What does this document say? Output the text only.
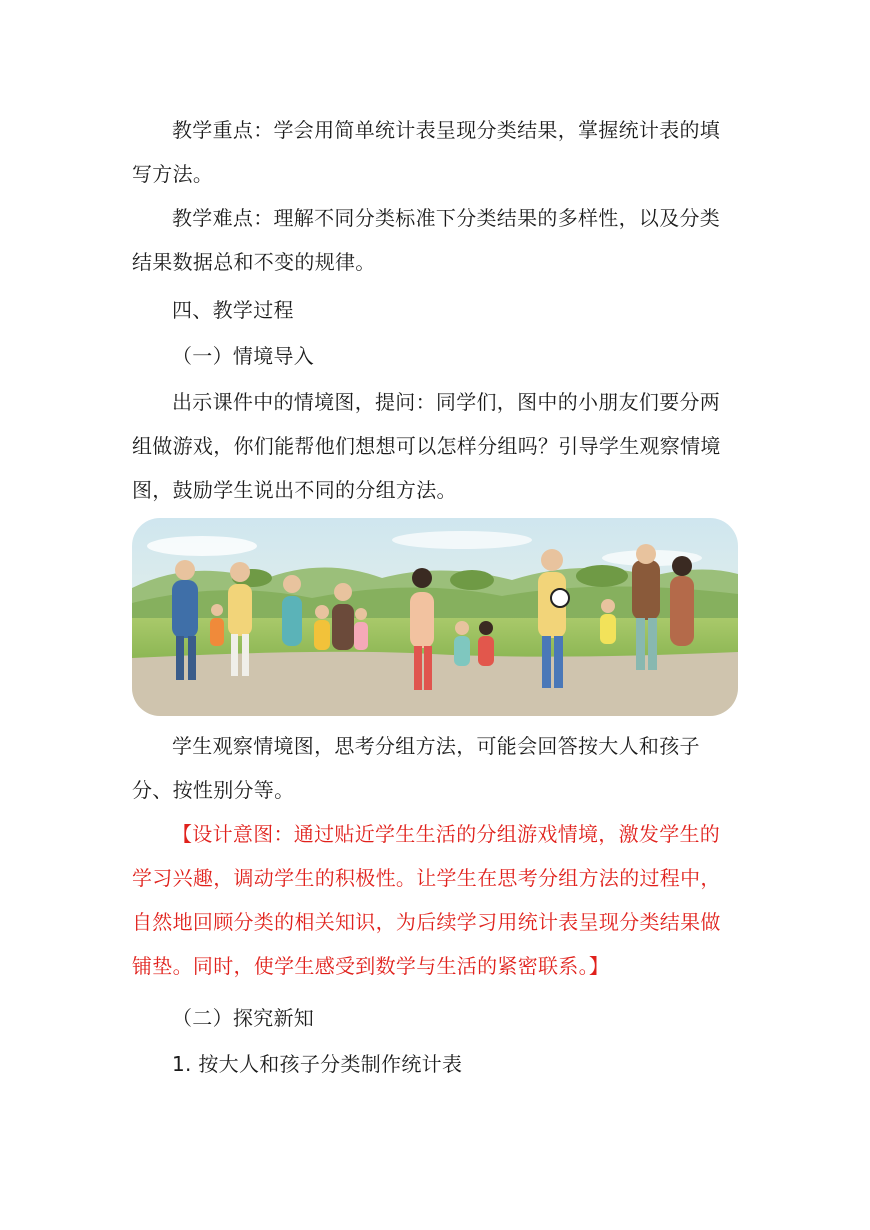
教学重点：学会用简单统计表呈现分类结果，掌握统计表的填写方法。

教学难点：理解不同分类标准下分类结果的多样性，以及分类结果数据总和不变的规律。

四、教学过程

（一）情境导入

出示课件中的情境图，提问：同学们，图中的小朋友们要分两组做游戏，你们能帮他们想想可以怎样分组吗？引导学生观察情境图，鼓励学生说出不同的分组方法。

学生观察情境图，思考分组方法，可能会回答按大人和孩子分、按性别分等。

【设计意图：通过贴近学生生活的分组游戏情境，激发学生的学习兴趣，调动学生的积极性。让学生在思考分组方法的过程中，自然地回顾分类的相关知识，为后续学习用统计表呈现分类结果做铺垫。同时，使学生感受到数学与生活的紧密联系。】

（二）探究新知

1. 按大人和孩子分类制作统计表
